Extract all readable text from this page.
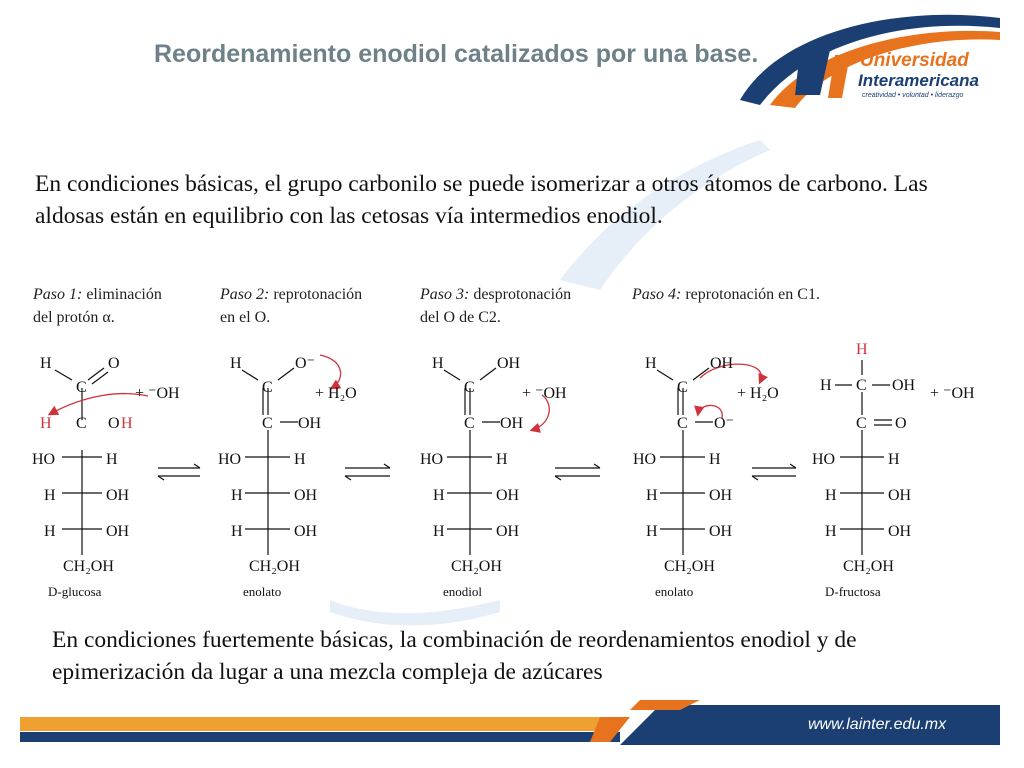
Universidad
Interamericana
creatividad • voluntad • liderazgo
Reordenamiento enodiol catalizados por una base.
En condiciones básicas, el grupo carbonilo se puede isomerizar a otros átomos de carbono. Las aldosas están en equilibrio con las cetosas vía intermedios enodiol.
Paso 1: eliminación
del protón α.
Paso 2: reprotonación
en el O.
Paso 3: desprotonación
del O de C2.
Paso 4: reprotonación en C1.

H	O
C	+ ⁻OH
H C O H
HO	H
H	OH
H	OH
CH₂OH
D-glucosa
H	O⁻
C	+ H₂O
C OH
HO	H
H	OH
H	OH
CH₂OH
enolato
H	OH
C	+ ⁻OH
C OH
HO	H
H	OH
H	OH
CH₂OH
enodiol
H	OH
C	+ H₂O
C O⁻
HO	H
H	OH
H	OH
CH₂OH
enolato
H
H C OH + ⁻OH
C O
HO	H
H	OH
H	OH
CH₂OH
D-fructosa
En condiciones fuertemente básicas, la combinación de reordenamientos enodiol y de epimerización da lugar a una mezcla compleja de azúcares
www.lainter.edu.mx
